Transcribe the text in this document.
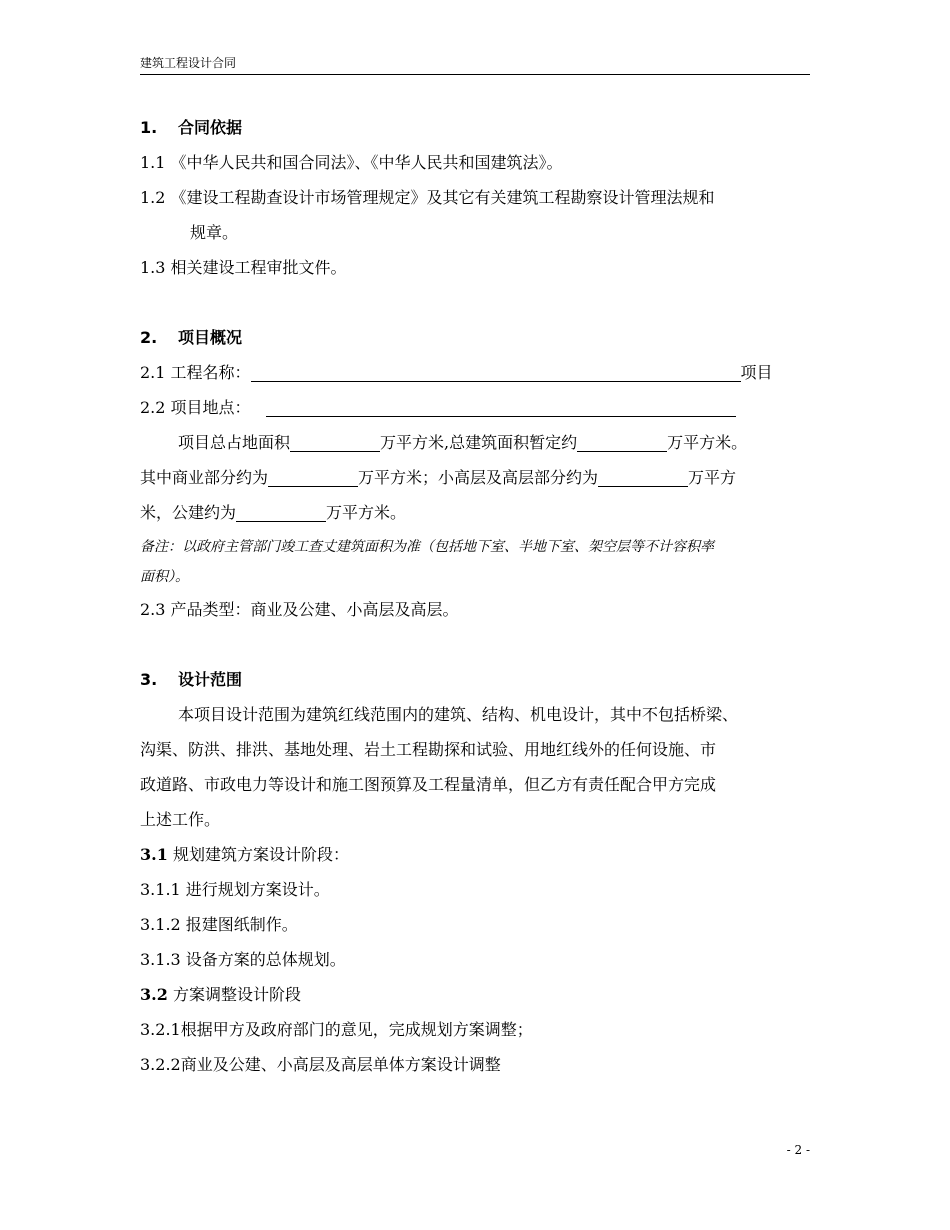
建筑工程设计合同

1. 合同依据

1.1 《中华人民共和国合同法》、《中华人民共和国建筑法》。

1.2 《建设工程勘查设计市场管理规定》及其它有关建筑工程勘察设计管理法规和

规章。

1.3 相关建设工程审批文件。

2. 项目概况

2.1 工程名称：	项目

2.2 项目地点：

项目总占地面积	万平方米,总建筑面积暂定约	万平方米。

其中商业部分约为	万平方米；小高层及高层部分约为	万平方

米，公建约为	万平方米。

备注：以政府主管部门竣工查丈建筑面积为准（包括地下室、半地下室、架空层等不计容积率
面积）。

2.3 产品类型：商业及公建、小高层及高层。

3. 设计范围

本项目设计范围为建筑红线范围内的建筑、结构、机电设计，其中不包括桥梁、

沟渠、防洪、排洪、基地处理、岩土工程勘探和试验、用地红线外的任何设施、市

政道路、市政电力等设计和施工图预算及工程量清单，但乙方有责任配合甲方完成

上述工作。

3.1 规划建筑方案设计阶段：

3.1.1 进行规划方案设计。

3.1.2 报建图纸制作。

3.1.3 设备方案的总体规划。

3.2 方案调整设计阶段

3.2.1根据甲方及政府部门的意见，完成规划方案调整；

3.2.2商业及公建、小高层及高层单体方案设计调整

- 2 -
